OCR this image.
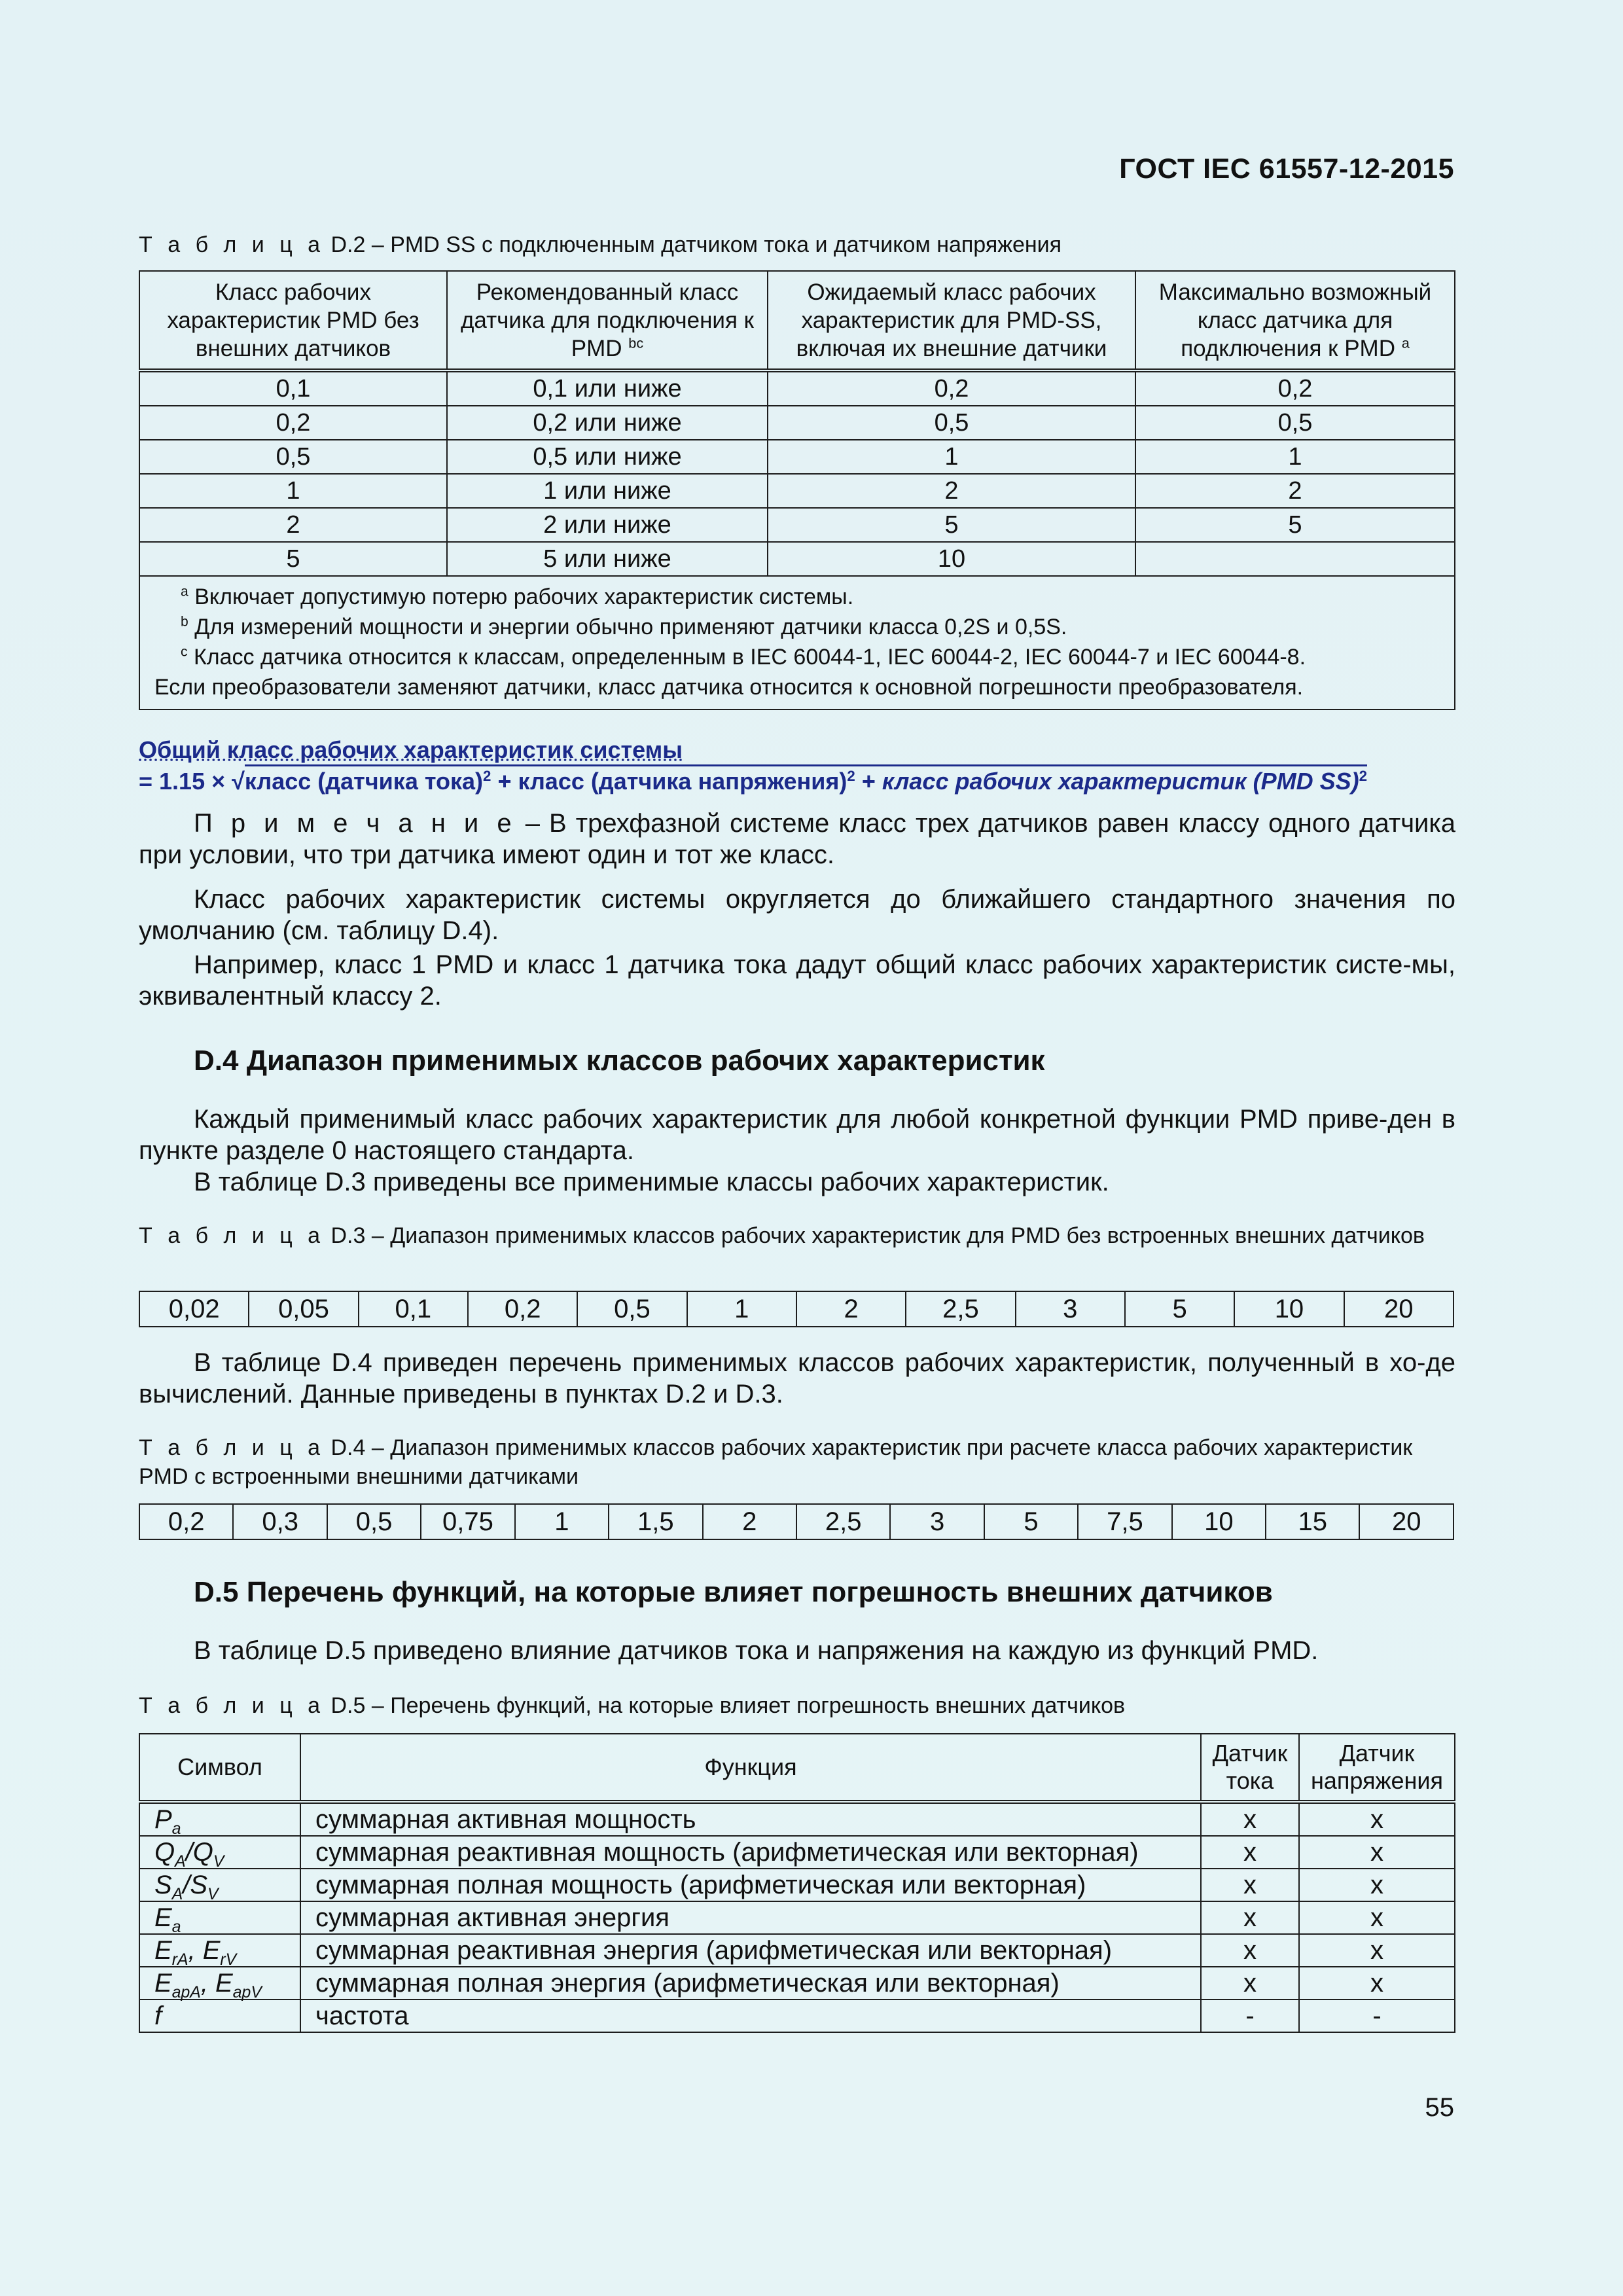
ГОСТ IEC 61557-12-2015
Т а б л и ц а D.2 – PMD SS с подключенным датчиком тока и датчиком напряжения
Класс рабочих характеристик PMD без внешних датчиков	Рекомендованный класс датчика для подключения к PMD $^{bc}$	Ожидаемый класс рабочих характеристик для PMD-SS, включая их внешние датчики	Максимально возможный класс датчика для подключения к PMD $^a$
0,1	0,1 или ниже	0,2	0,2
0,2	0,2 или ниже	0,5	0,5
0,5	0,5 или ниже	1	1
1	1 или ниже	2	2
2	2 или ниже	5	5
5	5 или ниже	10	

$^a$ Включает допустимую потерю рабочих характеристик системы.
$^b$ Для измерений мощности и энергии обычно применяют датчики класса 0,2S и 0,5S.
$^c$ Класс датчика относится к классам, определенным в IEC 60044-1, IEC 60044-2, IEC 60044-7 и IEC 60044-8.
Если преобразователи заменяют датчики, класс датчика относится к основной погрешности преобразователя.			
Общий класс рабочих характеристик системы
= 1.15 × √класс (датчика тока)$^2$ + класс (датчика напряжения)$^2$ + класс рабочих характеристик (PMD SS)$^2$
П р и м е ч а н и е – В трехфазной системе класс трех датчиков равен классу одного датчика при условии, что три датчика имеют один и тот же класс.
Класс рабочих характеристик системы округляется до ближайшего стандартного значения по умолчанию (см. таблицу D.4).
Например, класс 1 PMD и класс 1 датчика тока дадут общий класс рабочих характеристик систе-мы, эквивалентный классу 2.
D.4 Диапазон применимых классов рабочих характеристик
Каждый применимый класс рабочих характеристик для любой конкретной функции PMD приве-ден в пункте разделе 0 настоящего стандарта.
В таблице D.3 приведены все применимые классы рабочих характеристик.
Т а б л и ц а D.3 – Диапазон применимых классов рабочих характеристик для PMD без встроенных внешних датчиков
0,02	0,05	0,1	0,2	0,5	1	2	2,5	3	5	10	20
В таблице D.4 приведен перечень применимых классов рабочих характеристик, полученный в хо-де вычислений. Данные приведены в пунктах D.2 и D.3.
Т а б л и ц а D.4 – Диапазон применимых классов рабочих характеристик при расчете класса рабочих характеристик PMD с встроенными внешними датчиками
0,2	0,3	0,5	0,75	1	1,5	2	2,5	3	5	7,5	10	15	20
D.5 Перечень функций, на которые влияет погрешность внешних датчиков
В таблице D.5 приведено влияние датчиков тока и напряжения на каждую из функций PMD.
Т а б л и ц а D.5 – Перечень функций, на которые влияет погрешность внешних датчиков
Символ	Функция	Датчик тока	Датчик напряжения
$P_a$	суммарная активная мощность	x	x
$Q_A/Q_V$	суммарная реактивная мощность (арифметическая или векторная)	x	x
$S_A/S_V$	суммарная полная мощность (арифметическая или векторная)	x	x
$E_a$	суммарная активная энергия	x	x
$E_{rA}$, $E_{rV}$	суммарная реактивная энергия (арифметическая или векторная)	x	x
$E_{apA}$, $E_{apV}$	суммарная полная энергия (арифметическая или векторная)	x	x
f	частота	-	-
55
